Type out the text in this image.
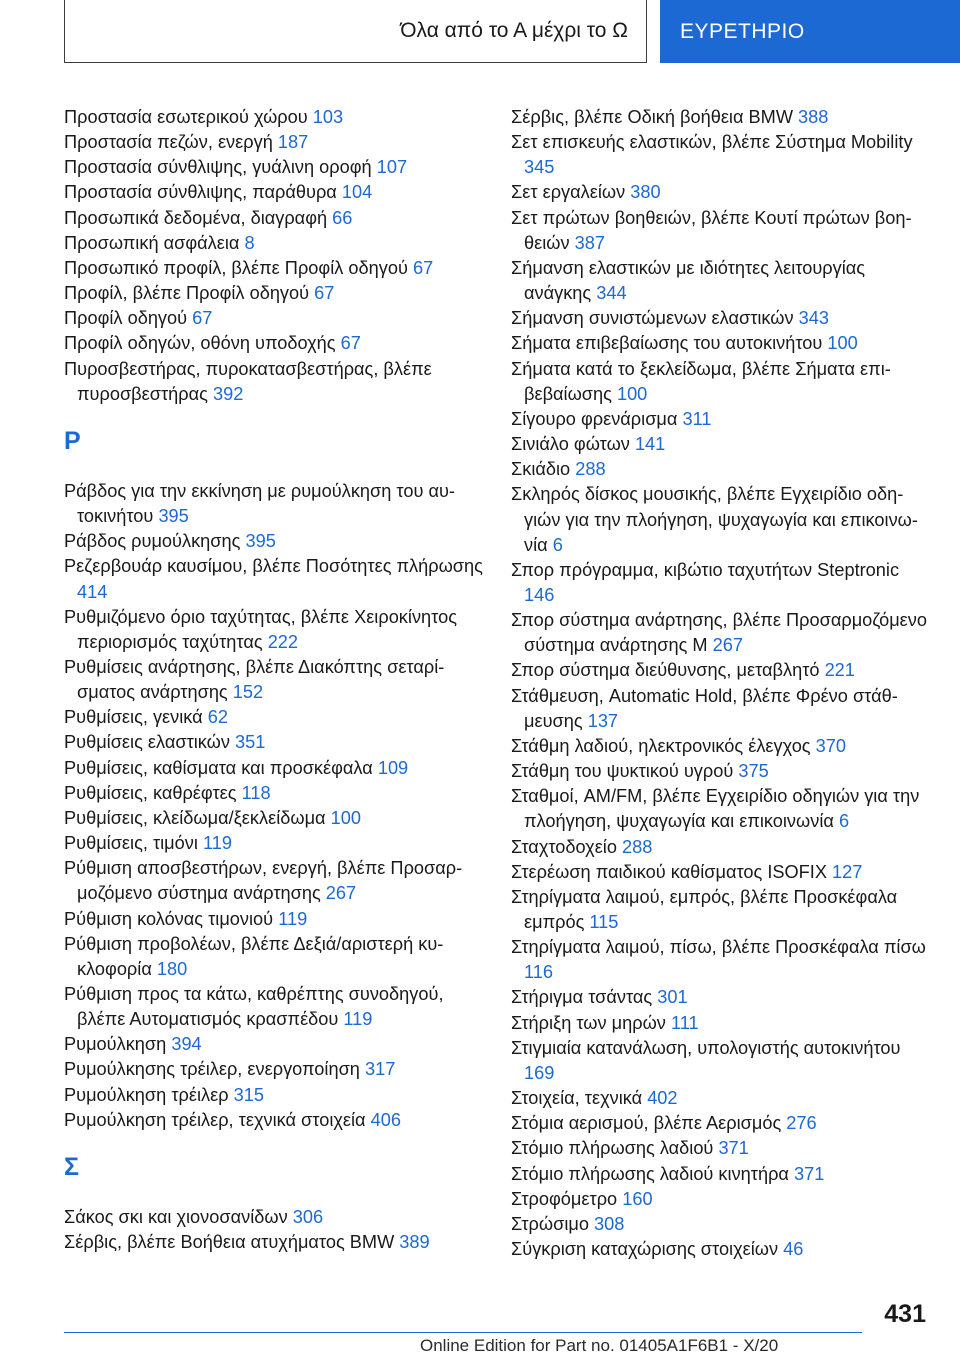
Όλα από το Α μέχρι το Ω	ΕΥΡΕΤΗΡΙΟ
Προστασία εσωτερικού χώρου 103
Προστασία πεζών, ενεργή 187
Προστασία σύνθλιψης, γυάλινη οροφή 107
Προστασία σύνθλιψης, παράθυρα 104
Προσωπικά δεδομένα, διαγραφή 66
Προσωπική ασφάλεια 8
Προσωπικό προφίλ, βλέπε Προφίλ οδηγού 67
Προφίλ, βλέπε Προφίλ οδηγού 67
Προφίλ οδηγού 67
Προφίλ οδηγών, οθόνη υποδοχής 67
Πυροσβεστήρας, πυροκατασβεστήρας, βλέπε πυροσβεστήρας 392
Ρ
Ράβδος για την εκκίνηση με ρυμούλκηση του αυτοκινήτου 395
Ράβδος ρυμούλκησης 395
Ρεζερβουάρ καυσίμου, βλέπε Ποσότητες πλήρωσης 414
Ρυθμιζόμενο όριο ταχύτητας, βλέπε Χειροκίνητος περιορισμός ταχύτητας 222
Ρυθμίσεις ανάρτησης, βλέπε Διακόπτης σεταρίσματος ανάρτησης 152
Ρυθμίσεις, γενικά 62
Ρυθμίσεις ελαστικών 351
Ρυθμίσεις, καθίσματα και προσκέφαλα 109
Ρυθμίσεις, καθρέφτες 118
Ρυθμίσεις, κλείδωμα/ξεκλείδωμα 100
Ρυθμίσεις, τιμόνι 119
Ρύθμιση αποσβεστήρων, ενεργή, βλέπε Προσαρμοζόμενο σύστημα ανάρτησης 267
Ρύθμιση κολόνας τιμονιού 119
Ρύθμιση προβολέων, βλέπε Δεξιά/αριστερή κυκλοφορία 180
Ρύθμιση προς τα κάτω, καθρέπτης συνοδηγού, βλέπε Αυτοματισμός κρασπέδου 119
Ρυμούλκηση 394
Ρυμούλκησης τρέιλερ, ενεργοποίηση 317
Ρυμούλκηση τρέιλερ 315
Ρυμούλκηση τρέιλερ, τεχνικά στοιχεία 406
Σ
Σάκος σκι και χιονοσανίδων 306
Σέρβις, βλέπε Βοήθεια ατυχήματος BMW 389
Σέρβις, βλέπε Οδική βοήθεια BMW 388
Σετ επισκευής ελαστικών, βλέπε Σύστημα Mobility 345
Σετ εργαλείων 380
Σετ πρώτων βοηθειών, βλέπε Κουτί πρώτων βοηθειών 387
Σήμανση ελαστικών με ιδιότητες λειτουργίας ανάγκης 344
Σήμανση συνιστώμενων ελαστικών 343
Σήματα επιβεβαίωσης του αυτοκινήτου 100
Σήματα κατά το ξεκλείδωμα, βλέπε Σήματα επιβεβαίωσης 100
Σίγουρο φρενάρισμα 311
Σινιάλο φώτων 141
Σκιάδιο 288
Σκληρός δίσκος μουσικής, βλέπε Εγχειρίδιο οδηγιών για την πλοήγηση, ψυχαγωγία και επικοινωνία 6
Σπορ πρόγραμμα, κιβώτιο ταχυτήτων Steptronic 146
Σπορ σύστημα ανάρτησης, βλέπε Προσαρμοζόμενο σύστημα ανάρτησης M 267
Σπορ σύστημα διεύθυνσης, μεταβλητό 221
Στάθμευση, Automatic Hold, βλέπε Φρένο στάθμευσης 137
Στάθμη λαδιού, ηλεκτρονικός έλεγχος 370
Στάθμη του ψυκτικού υγρού 375
Σταθμοί, AM/FM, βλέπε Εγχειρίδιο οδηγιών για την πλοήγηση, ψυχαγωγία και επικοινωνία 6
Σταχτοδοχείο 288
Στερέωση παιδικού καθίσματος ISOFIX 127
Στηρίγματα λαιμού, εμπρός, βλέπε Προσκέφαλα εμπρός 115
Στηρίγματα λαιμού, πίσω, βλέπε Προσκέφαλα πίσω 116
Στήριγμα τσάντας 301
Στήριξη των μηρών 111
Στιγμιαία κατανάλωση, υπολογιστής αυτοκινήτου 169
Στοιχεία, τεχνικά 402
Στόμια αερισμού, βλέπε Αερισμός 276
Στόμιο πλήρωσης λαδιού 371
Στόμιο πλήρωσης λαδιού κινητήρα 371
Στροφόμετρο 160
Στρώσιμο 308
Σύγκριση καταχώρισης στοιχείων 46
431
Online Edition for Part no. 01405A1F6B1 - X/20
